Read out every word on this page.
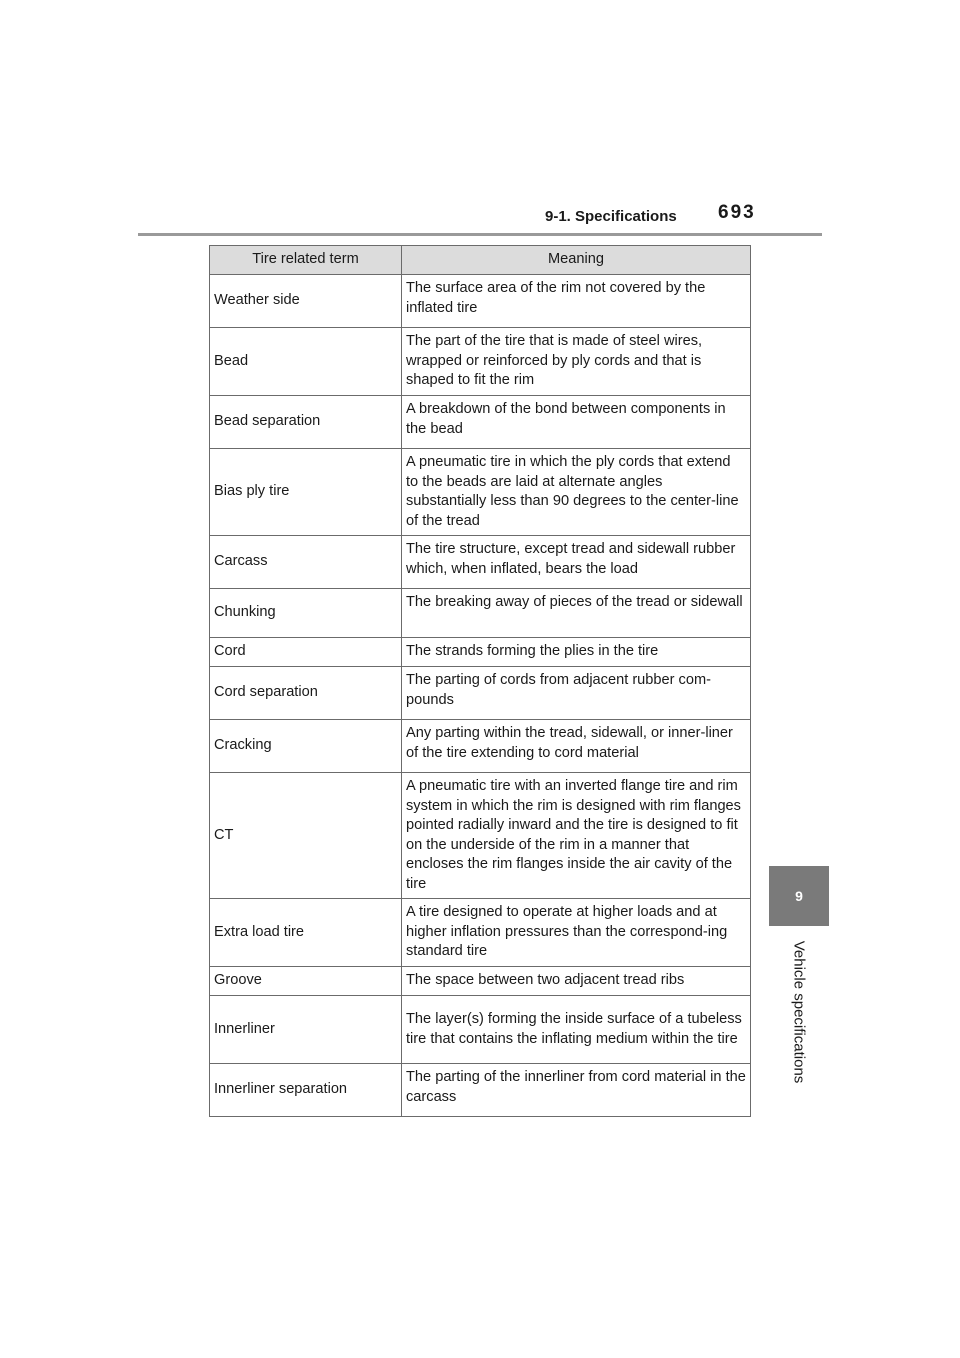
9-1. Specifications 693
9
Vehicle specifications
Tire related term	Meaning
Weather side	The surface area of the rim not covered by the inflated tire
Bead	The part of the tire that is made of steel wires, wrapped or reinforced by ply cords and that is shaped to fit the rim
Bead separation	A breakdown of the bond between components in the bead
Bias ply tire	A pneumatic tire in which the ply cords that extend to the beads are laid at alternate angles substantially less than 90 degrees to the center-line of the tread
Carcass	The tire structure, except tread and sidewall rubber which, when inflated, bears the load
Chunking	The breaking away of pieces of the tread or sidewall
Cord	The strands forming the plies in the tire
Cord separation	The parting of cords from adjacent rubber com-pounds
Cracking	Any parting within the tread, sidewall, or inner-liner of the tire extending to cord material
CT	A pneumatic tire with an inverted flange tire and rim system in which the rim is designed with rim flanges pointed radially inward and the tire is designed to fit on the underside of the rim in a manner that encloses the rim flanges inside the air cavity of the tire
Extra load tire	A tire designed to operate at higher loads and at higher inflation pressures than the correspond-ing standard tire
Groove	The space between two adjacent tread ribs
Innerliner	The layer(s) forming the inside surface of a tubeless tire that contains the inflating medium within the tire
Innerliner separation	The parting of the innerliner from cord material in the carcass
